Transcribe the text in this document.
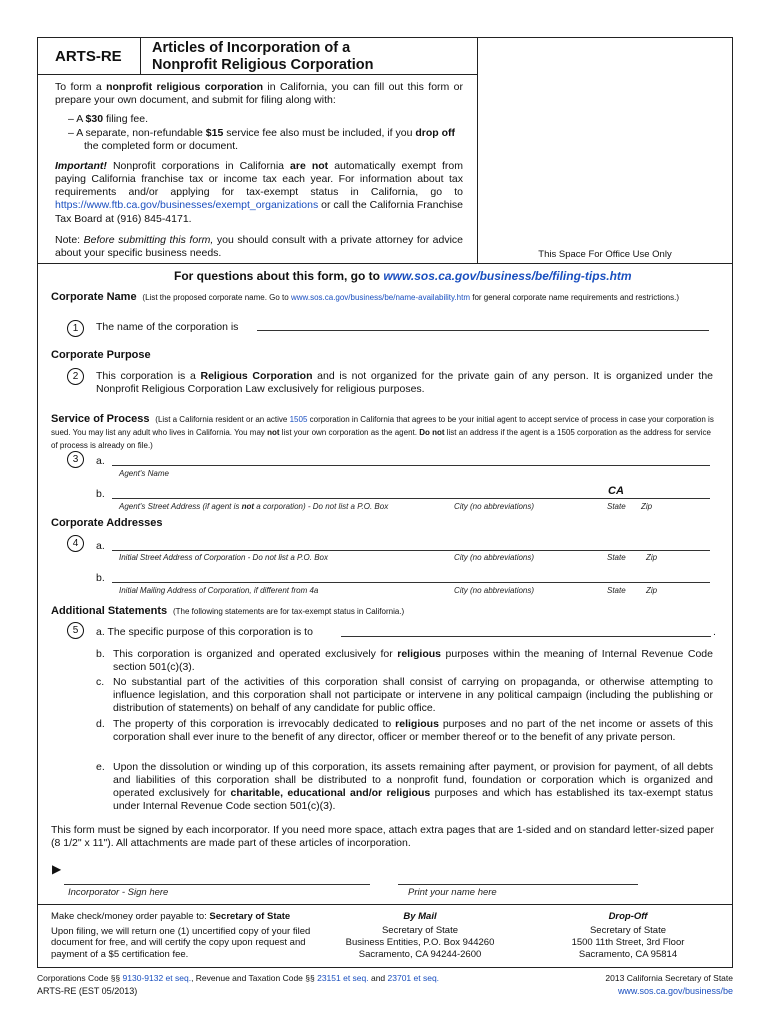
ARTS-RE Articles of Incorporation of a
Nonprofit Religious Corporation
To form a nonprofit religious corporation in California, you can fill out this form or prepare your own document, and submit for filing along with:
– A $30 filing fee.
– A separate, non-refundable $15 service fee also must be included, if you drop off the completed form or document.
Important! Nonprofit corporations in California are not automatically exempt from paying California franchise tax or income tax each year. For information about tax requirements and/or applying for tax-exempt status in California, go to https://www.ftb.ca.gov/businesses/exempt_organizations or call the California Franchise Tax Board at (916) 845-4171.
Note: Before submitting this form, you should consult with a private attorney for advice about your specific business needs.	This Space For Office Use Only
For questions about this form, go to www.sos.ca.gov/business/be/filing-tips.htm
Corporate Name (List the proposed corporate name. Go to www.sos.ca.gov/business/be/name-availability.htm for general corporate name requirements and restrictions.)
1	The name of the corporation is
Corporate Purpose
2	This corporation is a Religious Corporation and is not organized for the private gain of any person. It is organized under the Nonprofit Religious Corporation Law exclusively for religious purposes.
Service of Process (List a California resident or an active 1505 corporation in California that agrees to be your initial agent to accept service of process in case your corporation is sued. You may list any adult who lives in California. You may not list your own corporation as the agent. Do not list an address if the agent is a 1505 corporation as the address for service of process is already on file.)
3	a.
Agent's Name
b.	CA
Agent's Street Address (if agent is not a corporation) - Do not list a P.O. Box	City (no abbreviations)	State Zip
Corporate Addresses
4	a.
Initial Street Address of Corporation - Do not list a P.O. Box	City (no abbreviations)	State	Zip
b.
Initial Mailing Address of Corporation, if different from 4a	City (no abbreviations)	State	Zip
Additional Statements (The following statements are for tax-exempt status in California.)
5	a. The specific purpose of this corporation is to	.
b. This corporation is organized and operated exclusively for religious purposes within the meaning of Internal Revenue Code section 501(c)(3).
c. No substantial part of the activities of this corporation shall consist of carrying on propaganda, or otherwise attempting to influence legislation, and this corporation shall not participate or intervene in any political campaign (including the publishing or distribution of statements) on behalf of any candidate for public office.
d. The property of this corporation is irrevocably dedicated to religious purposes and no part of the net income or assets of this corporation shall ever inure to the benefit of any director, officer or member thereof or to the benefit of any private person.
e. Upon the dissolution or winding up of this corporation, its assets remaining after payment, or provision for payment, of all debts and liabilities of this corporation shall be distributed to a nonprofit fund, foundation or corporation which is organized and operated exclusively for charitable, educational and/or religious purposes and which has established its tax-exempt status under Internal Revenue Code section 501(c)(3).
This form must be signed by each incorporator. If you need more space, attach extra pages that are 1-sided and on standard letter-sized paper (8 1/2" x 11"). All attachments are made part of these articles of incorporation.
▶
Incorporator - Sign here	Print your name here
Make check/money order payable to: Secretary of State
Upon filing, we will return one (1) uncertified copy of your filed document for free, and will certify the copy upon request and payment of a $5 certification fee.
By Mail
Secretary of State
Business Entities, P.O. Box 944260
Sacramento, CA 94244-2600
Drop-Off
Secretary of State
1500 11th Street, 3rd Floor
Sacramento, CA 95814
Corporations Code §§ 9130-9132 et seq., Revenue and Taxation Code §§ 23151 et seq. and 23701 et seq.
ARTS-RE (EST 05/2013)
2013 California Secretary of State
www.sos.ca.gov/business/be
